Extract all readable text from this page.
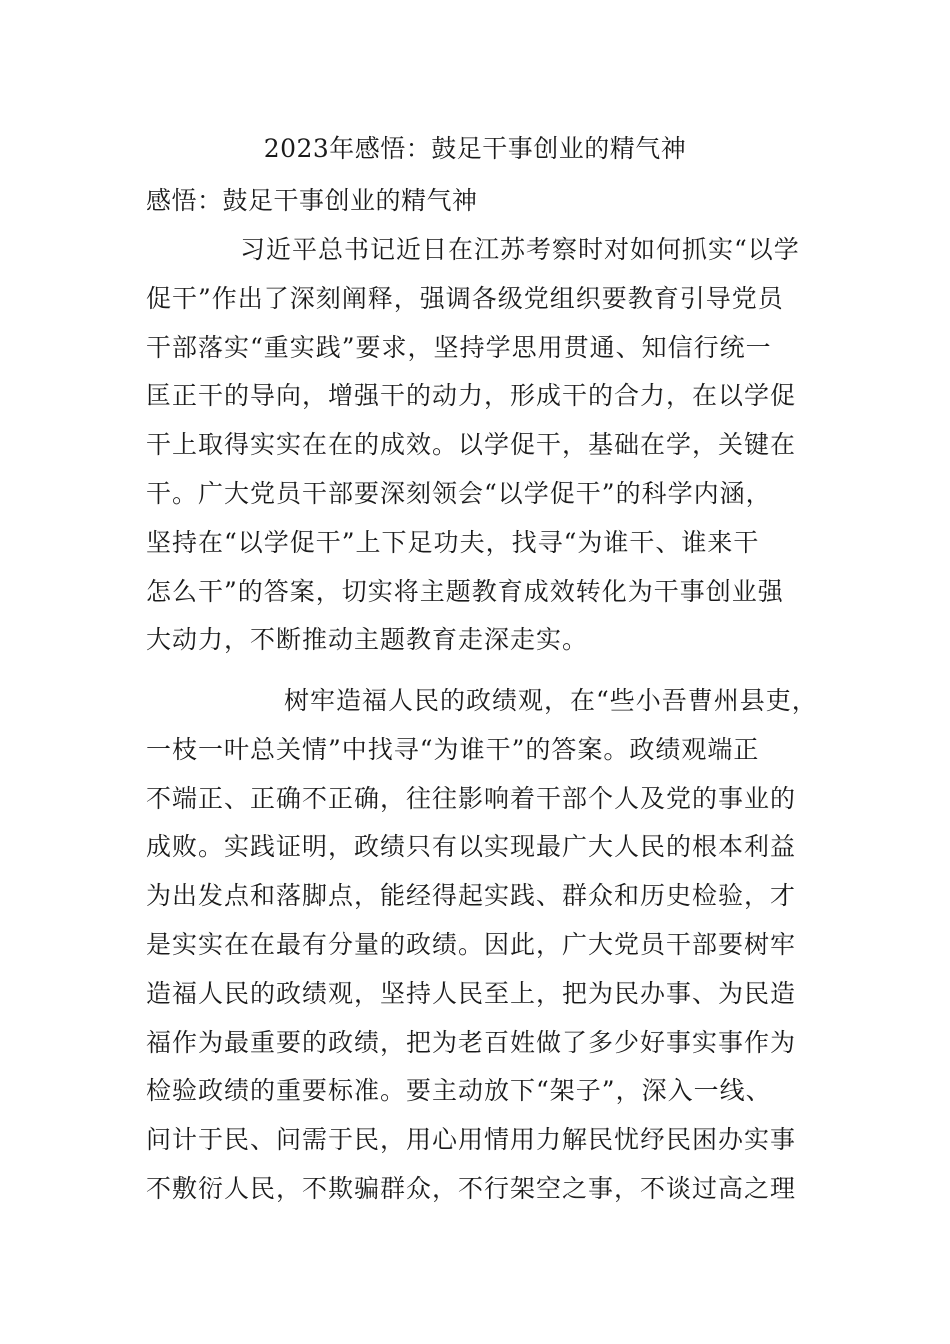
2023年感悟：鼓足干事创业的精气神
感悟：鼓足干事创业的精气神
习近平总书记近日在江苏考察时对如何抓实“以学
促干”作出了深刻阐释，强调各级党组织要教育引导党员
干部落实“重实践”要求，坚持学思用贯通、知信行统一
匡正干的导向，增强干的动力，形成干的合力，在以学促
干上取得实实在在的成效。以学促干，基础在学，关键在
干。广大党员干部要深刻领会“以学促干”的科学内涵，
坚持在“以学促干”上下足功夫，找寻“为谁干、谁来干
怎么干”的答案，切实将主题教育成效转化为干事创业强
大动力，不断推动主题教育走深走实。
树牢造福人民的政绩观，在“些小吾曹州县吏，
一枝一叶总关情”中找寻“为谁干”的答案。政绩观端正
不端正、正确不正确，往往影响着干部个人及党的事业的
成败。实践证明，政绩只有以实现最广大人民的根本利益
为出发点和落脚点，能经得起实践、群众和历史检验，才
是实实在在最有分量的政绩。因此，广大党员干部要树牢
造福人民的政绩观，坚持人民至上，把为民办事、为民造
福作为最重要的政绩，把为老百姓做了多少好事实事作为
检验政绩的重要标准。要主动放下“架子”，深入一线、
问计于民、问需于民，用心用情用力解民忧纾民困办实事
不敷衍人民，不欺骗群众，不行架空之事，不谈过高之理
